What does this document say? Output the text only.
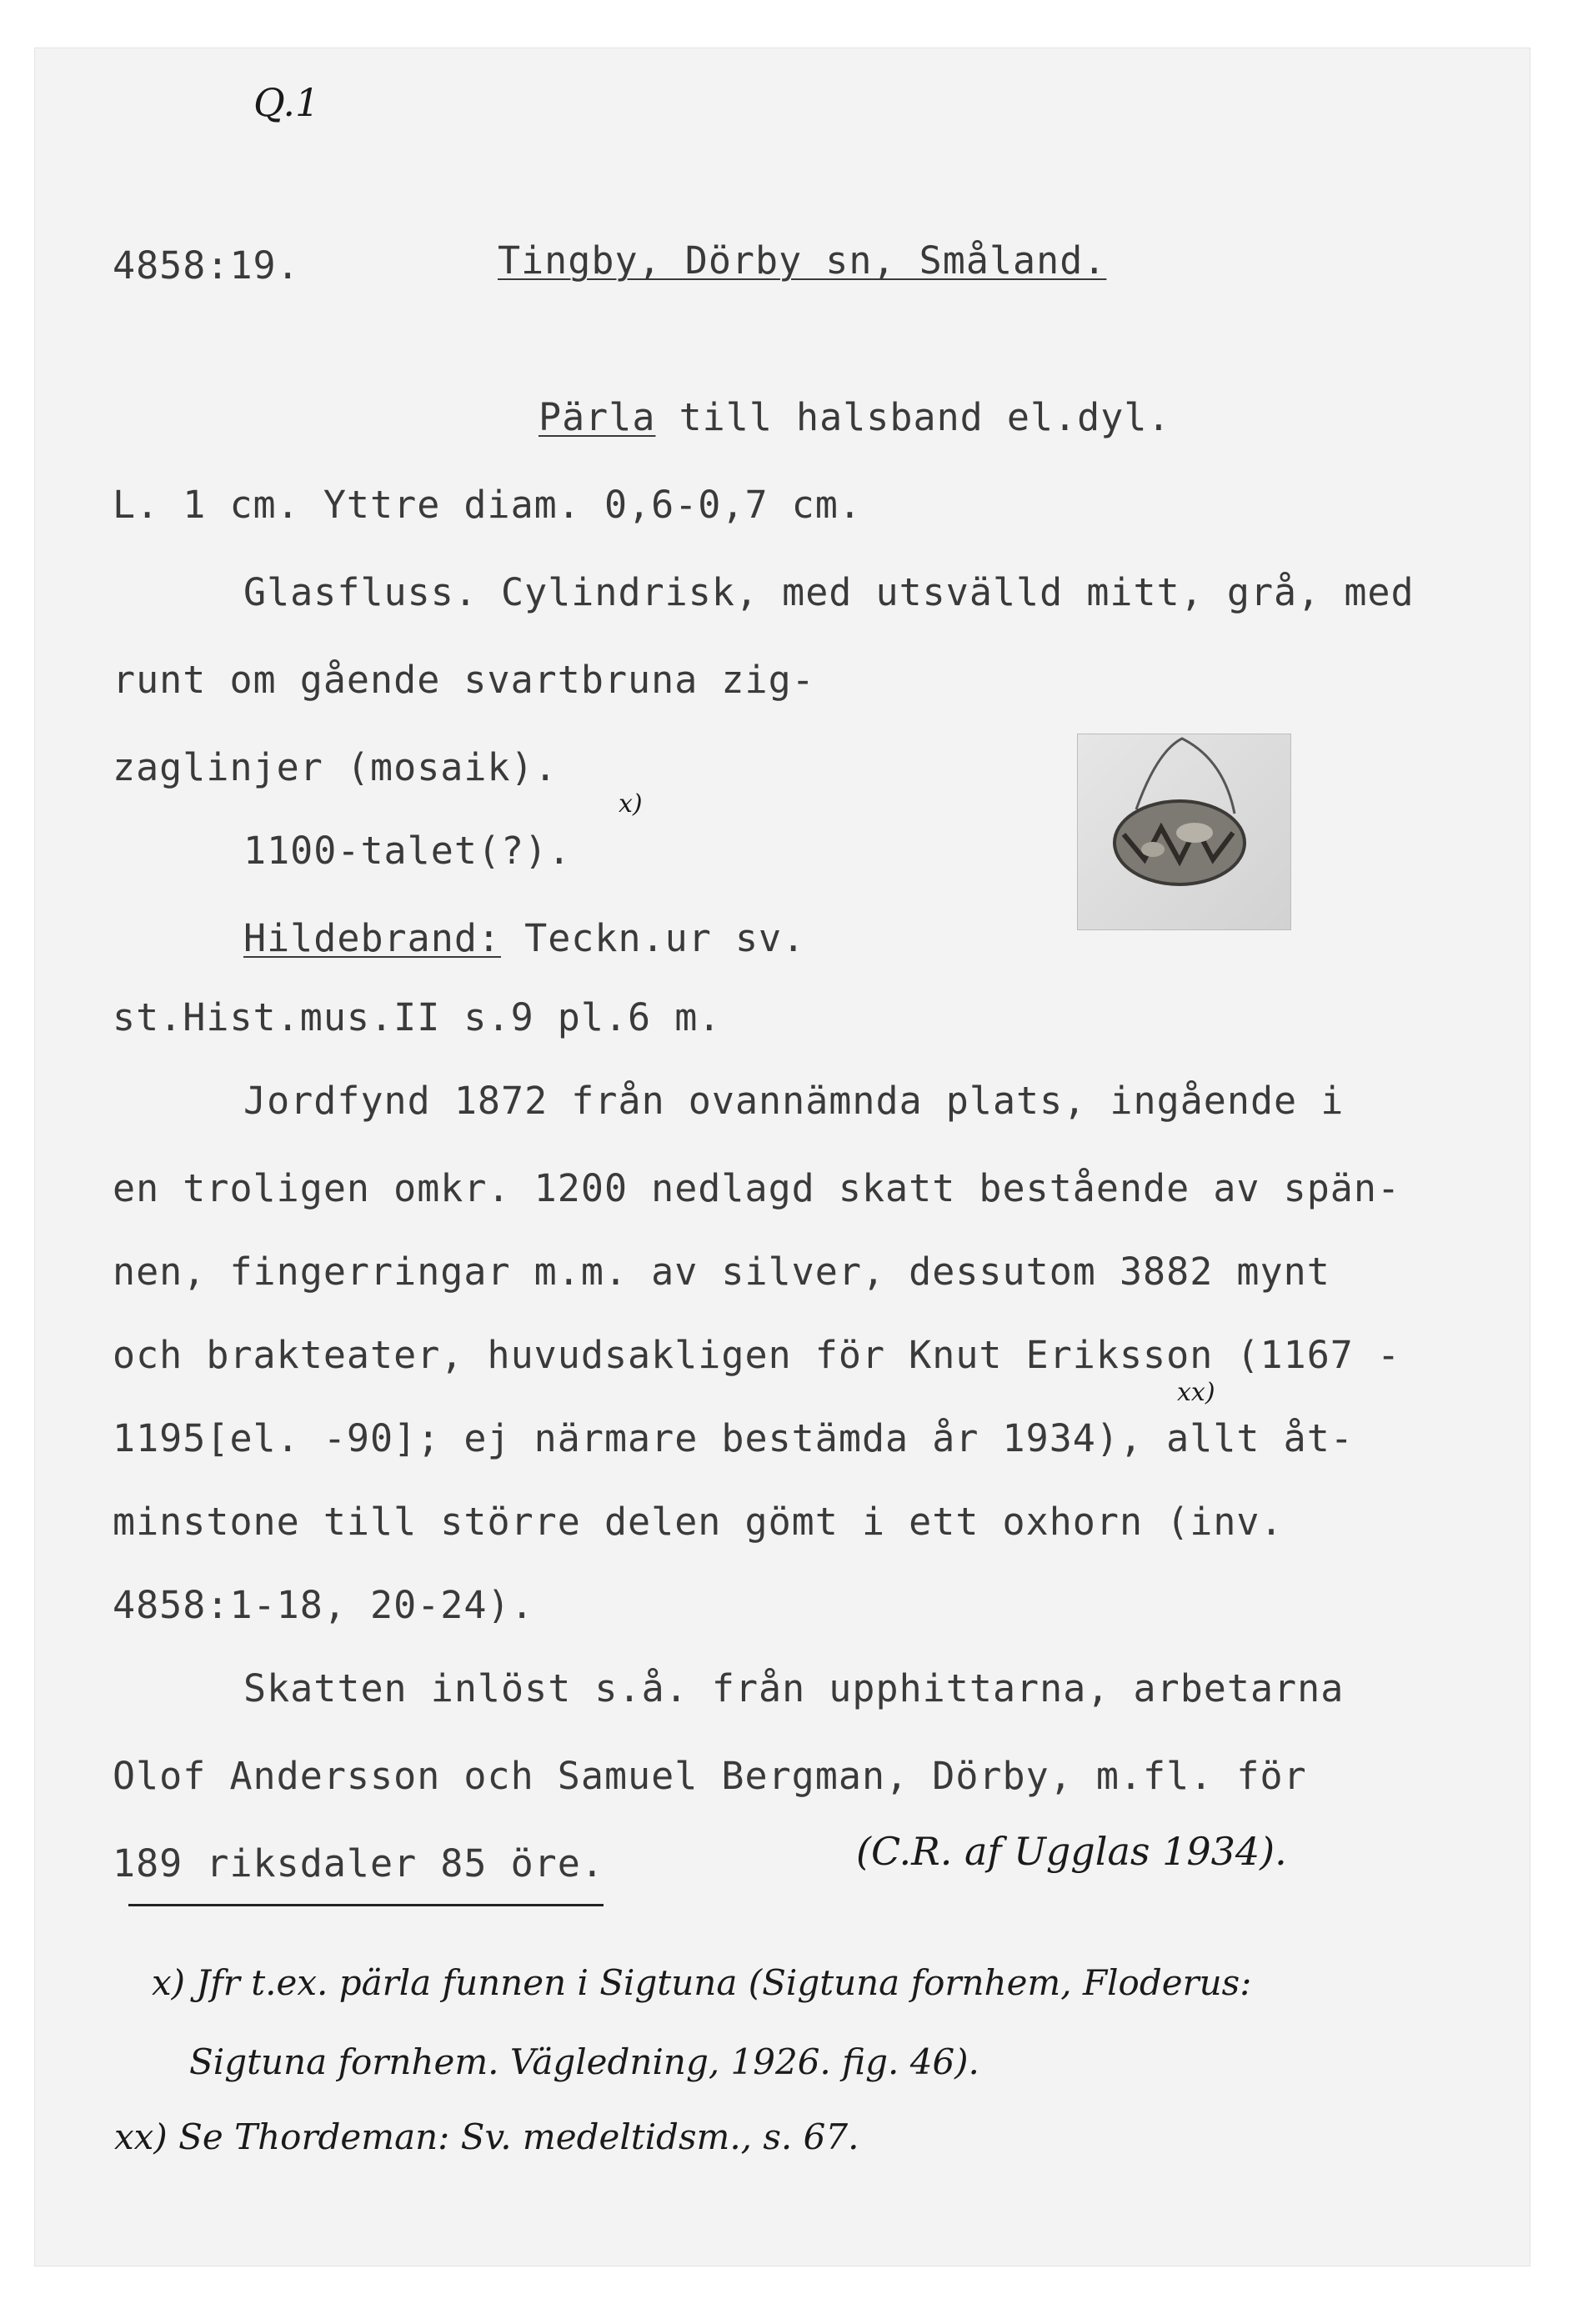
Q.1
4858:19.	Tingby, Dörby sn, Småland.
Pärla till halsband el.dyl.
L. 1 cm. Yttre diam. 0,6-0,7 cm.
Glasfluss. Cylindrisk, med utsvälld mitt, grå, med
runt om gående svartbruna zig-
zaglinjer (mosaik).
1100-talet(?).
x)
Hildebrand: Teckn.ur sv.
st.Hist.mus.II s.9 pl.6 m.
Jordfynd 1872 från ovannämnda plats, ingående i
en troligen omkr. 1200 nedlagd skatt bestående av spän-
nen, fingerringar m.m. av silver, dessutom 3882 mynt
och brakteater, huvudsakligen för Knut Eriksson (1167 -
xx)
1195[el. -90]; ej närmare bestämda år 1934), allt åt-
minstone till större delen gömt i ett oxhorn (inv.
4858:1-18, 20-24).
Skatten inlöst s.å. från upphittarna, arbetarna
Olof Andersson och Samuel Bergman, Dörby, m.fl. för
189 riksdaler 85 öre.	(C.R. af Ugglas 1934).
x) Jfr t.ex. pärla funnen i Sigtuna (Sigtuna fornhem, Floderus:
Sigtuna fornhem. Vägledning, 1926. fig. 46).
xx) Se Thordeman: Sv. medeltidsm., s. 67.
